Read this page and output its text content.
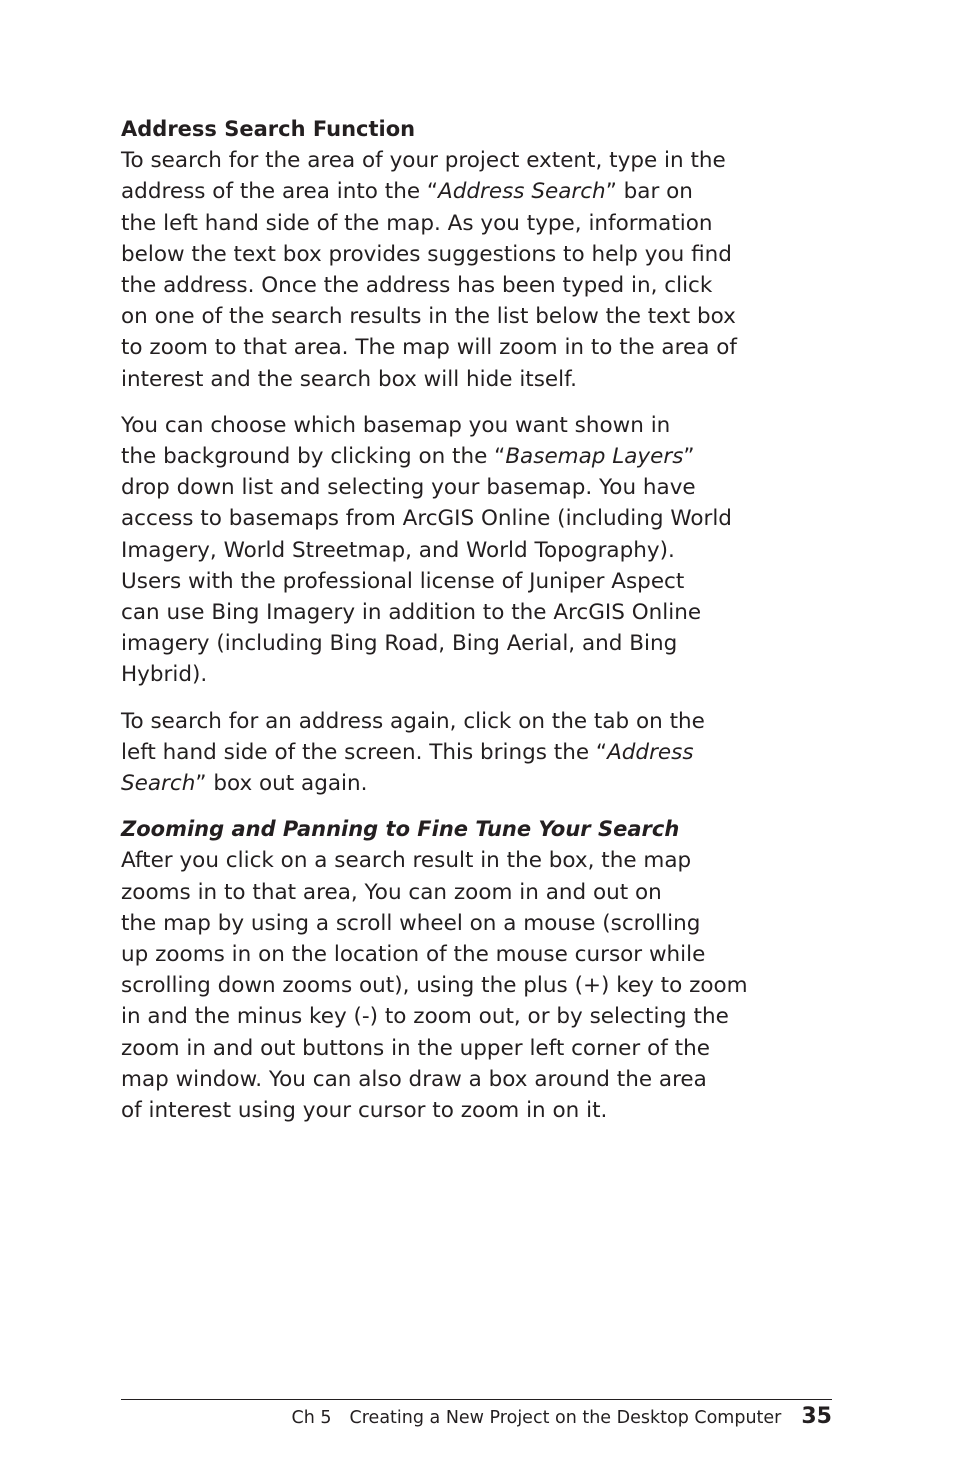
Address Search Function

To search for the area of your project extent, type in the
address of the area into the “Address Search” bar on
the left hand side of the map. As you type, information
below the text box provides suggestions to help you find
the address. Once the address has been typed in, click
on one of the search results in the list below the text box
to zoom to that area. The map will zoom in to the area of
interest and the search box will hide itself.

You can choose which basemap you want shown in
the background by clicking on the “Basemap Layers”
drop down list and selecting your basemap. You have
access to basemaps from ArcGIS Online (including World
Imagery, World Streetmap, and World Topography).
Users with the professional license of Juniper Aspect
can use Bing Imagery in addition to the ArcGIS Online
imagery (including Bing Road, Bing Aerial, and Bing
Hybrid).

To search for an address again, click on the tab on the
left hand side of the screen. This brings the “Address
Search” box out again.

Zooming and Panning to Fine Tune Your Search

After you click on a search result in the box, the map
zooms in to that area, You can zoom in and out on
the map by using a scroll wheel on a mouse (scrolling
up zooms in on the location of the mouse cursor while
scrolling down zooms out), using the plus (+) key to zoom
in and the minus key (-) to zoom out, or by selecting the
zoom in and out buttons in the upper left corner of the
map window. You can also draw a box around the area
of interest using your cursor to zoom in on it.

Ch 5 Creating a New Project on the Desktop Computer 35
